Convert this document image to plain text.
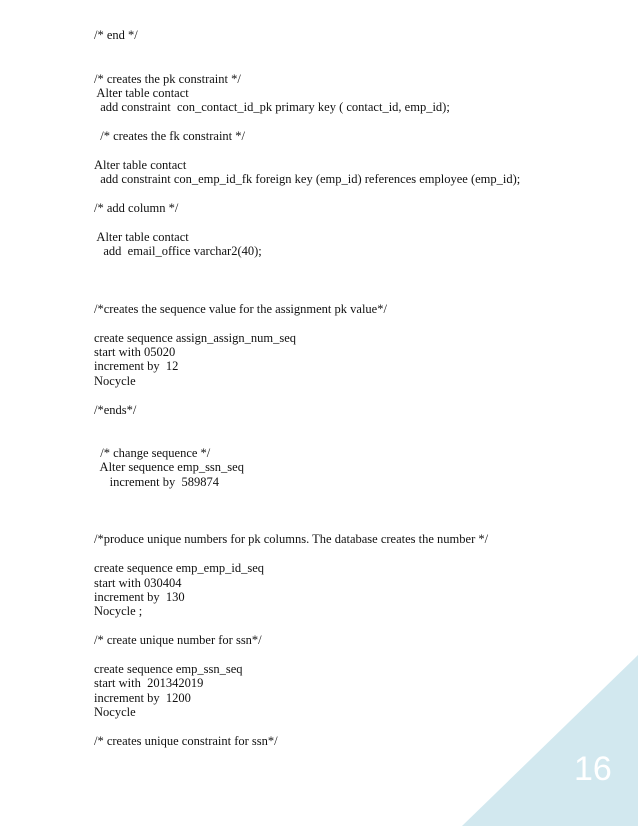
/* end */
/* creates the pk constraint */
Alter table contact
add constraint  con_contact_id_pk primary key ( contact_id, emp_id);
/* creates the fk constraint */
Alter table contact
add constraint con_emp_id_fk foreign key (emp_id) references employee (emp_id);
/* add column */
Alter table contact
add  email_office varchar2(40);
/*creates the sequence value for the assignment pk value*/
create sequence assign_assign_num_seq
start with 05020
increment by  12
Nocycle
/*ends*/
/* change sequence */
Alter sequence emp_ssn_seq
increment by  589874
/*produce unique numbers for pk columns. The database creates the number */
create sequence emp_emp_id_seq
start with 030404
increment by  130
Nocycle ;
/* create unique number for ssn*/
create sequence emp_ssn_seq
start with  201342019
increment by  1200
Nocycle
/* creates unique constraint for ssn*/
16
